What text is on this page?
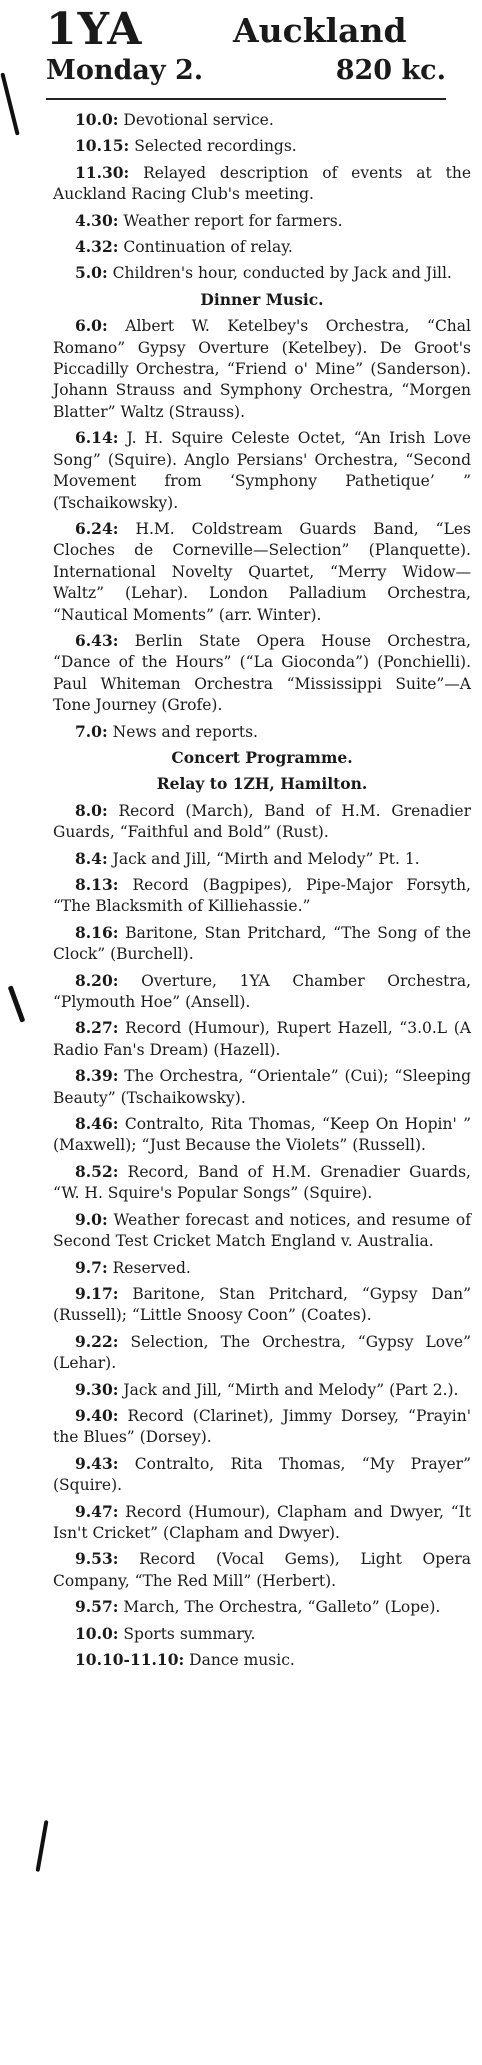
1YA	Auckland
Monday 2.	820 kc.

10.0: Devotional service.

10.15: Selected recordings.

11.30: Relayed description of events at the Auckland Racing Club's meeting.

4.30: Weather report for farmers.

4.32: Continuation of relay.

5.0: Children's hour, conducted by Jack and Jill.

Dinner Music.

6.0: Albert W. Ketelbey's Orchestra, “Chal Romano” Gypsy Overture (Ketelbey). De Groot's Piccadilly Orchestra, “Friend o' Mine” (Sanderson). Johann Strauss and Symphony Orchestra, “Morgen Blatter” Waltz (Strauss).

6.14: J. H. Squire Celeste Octet, “An Irish Love Song” (Squire). Anglo Persians' Orchestra, “Second Movement from ‘Symphony Pathetique’ ” (Tschaikowsky).

6.24: H.M. Coldstream Guards Band, “Les Cloches de Corneville—Selection” (Planquette). International Novelty Quartet, “Merry Widow—Waltz” (Lehar). London Palladium Orchestra, “Nautical Moments” (arr. Winter).

6.43: Berlin State Opera House Orchestra, “Dance of the Hours” (“La Gioconda”) (Ponchielli). Paul Whiteman Orchestra “Mississippi Suite”—A Tone Journey (Grofe).

7.0: News and reports.

Concert Programme.
Relay to 1ZH, Hamilton.

8.0: Record (March), Band of H.M. Grenadier Guards, “Faithful and Bold” (Rust).

8.4: Jack and Jill, “Mirth and Melody” Pt. 1.

8.13: Record (Bagpipes), Pipe-Major Forsyth, “The Blacksmith of Killiehassie.”

8.16: Baritone, Stan Pritchard, “The Song of the Clock” (Burchell).

8.20: Overture, 1YA Chamber Orchestra, “Plymouth Hoe” (Ansell).

8.27: Record (Humour), Rupert Hazell, “3.0.L (A Radio Fan's Dream) (Hazell).

8.39: The Orchestra, “Orientale” (Cui); “Sleeping Beauty” (Tschaikowsky).

8.46: Contralto, Rita Thomas, “Keep On Hopin' ” (Maxwell); “Just Because the Violets” (Russell).

8.52: Record, Band of H.M. Grenadier Guards, “W. H. Squire's Popular Songs” (Squire).

9.0: Weather forecast and notices, and resume of Second Test Cricket Match England v. Australia.

9.7: Reserved.

9.17: Baritone, Stan Pritchard, “Gypsy Dan” (Russell); “Little Snoosy Coon” (Coates).

9.22: Selection, The Orchestra, “Gypsy Love” (Lehar).

9.30: Jack and Jill, “Mirth and Melody” (Part 2.).

9.40: Record (Clarinet), Jimmy Dorsey, “Prayin' the Blues” (Dorsey).

9.43: Contralto, Rita Thomas, “My Prayer” (Squire).

9.47: Record (Humour), Clapham and Dwyer, “It Isn't Cricket” (Clapham and Dwyer).

9.53: Record (Vocal Gems), Light Opera Company, “The Red Mill” (Herbert).

9.57: March, The Orchestra, “Galleto” (Lope).

10.0: Sports summary.

10.10-11.10: Dance music.
